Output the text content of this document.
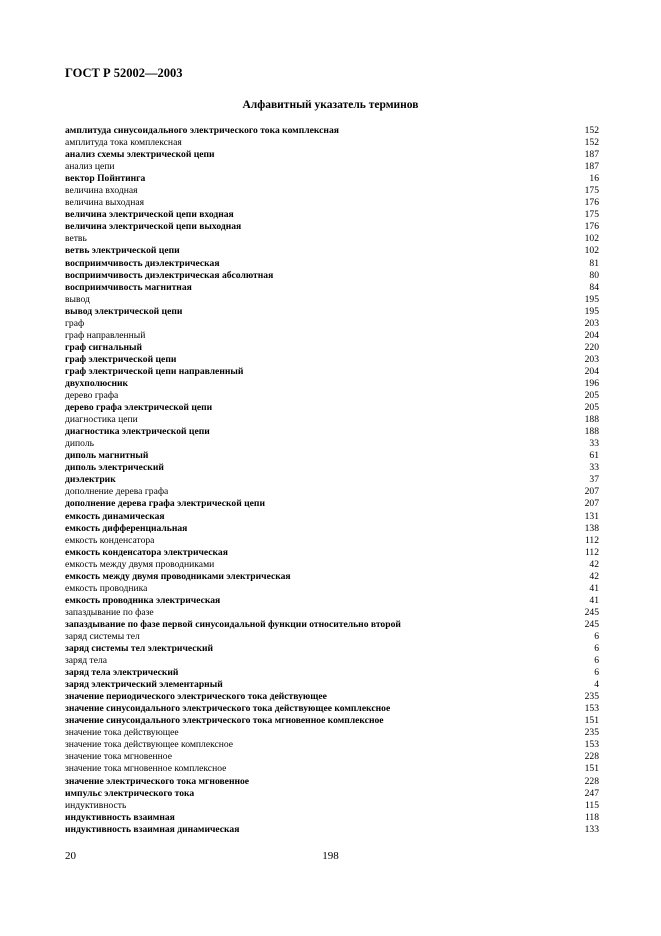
ГОСТ Р 52002—2003
Алфавитный указатель терминов
амплитуда синусоидального электрического тока комплексная	152
амплитуда тока комплексная	152
анализ схемы электрической цепи	187
анализ цепи	187
вектор Пойнтинга	16
величина входная	175
величина выходная	176
величина электрической цепи входная	175
величина электрической цепи выходная	176
ветвь	102
ветвь электрической цепи	102
восприимчивость диэлектрическая	81
восприимчивость диэлектрическая абсолютная	80
восприимчивость магнитная	84
вывод	195
вывод электрической цепи	195
граф	203
граф направленный	204
граф сигнальный	220
граф электрической цепи	203
граф электрической цепи направленный	204
двухполюсник	196
дерево графа	205
дерево графа электрической цепи	205
диагностика цепи	188
диагностика электрической цепи	188
диполь	33
диполь магнитный	61
диполь электрический	33
диэлектрик	37
дополнение дерева графа	207
дополнение дерева графа электрической цепи	207
емкость динамическая	131
емкость дифференциальная	138
емкость конденсатора	112
емкость конденсатора электрическая	112
емкость между двумя проводниками	42
емкость между двумя проводниками электрическая	42
емкость проводника	41
емкость проводника электрическая	41
запаздывание по фазе	245
запаздывание по фазе первой синусоидальной функции относительно второй	245
заряд системы тел	6
заряд системы тел электрический	6
заряд тела	6
заряд тела электрический	6
заряд электрический элементарный	4
значение периодического электрического тока действующее	235
значение синусоидального электрического тока действующее комплексное	153
значение синусоидального электрического тока мгновенное комплексное	151
значение тока действующее	235
значение тока действующее комплексное	153
значение тока мгновенное	228
значение тока мгновенное комплексное	151
значение электрического тока мгновенное	228
импульс электрического тока	247
индуктивность	115
индуктивность взаимная	118
индуктивность взаимная динамическая	133
20	198
